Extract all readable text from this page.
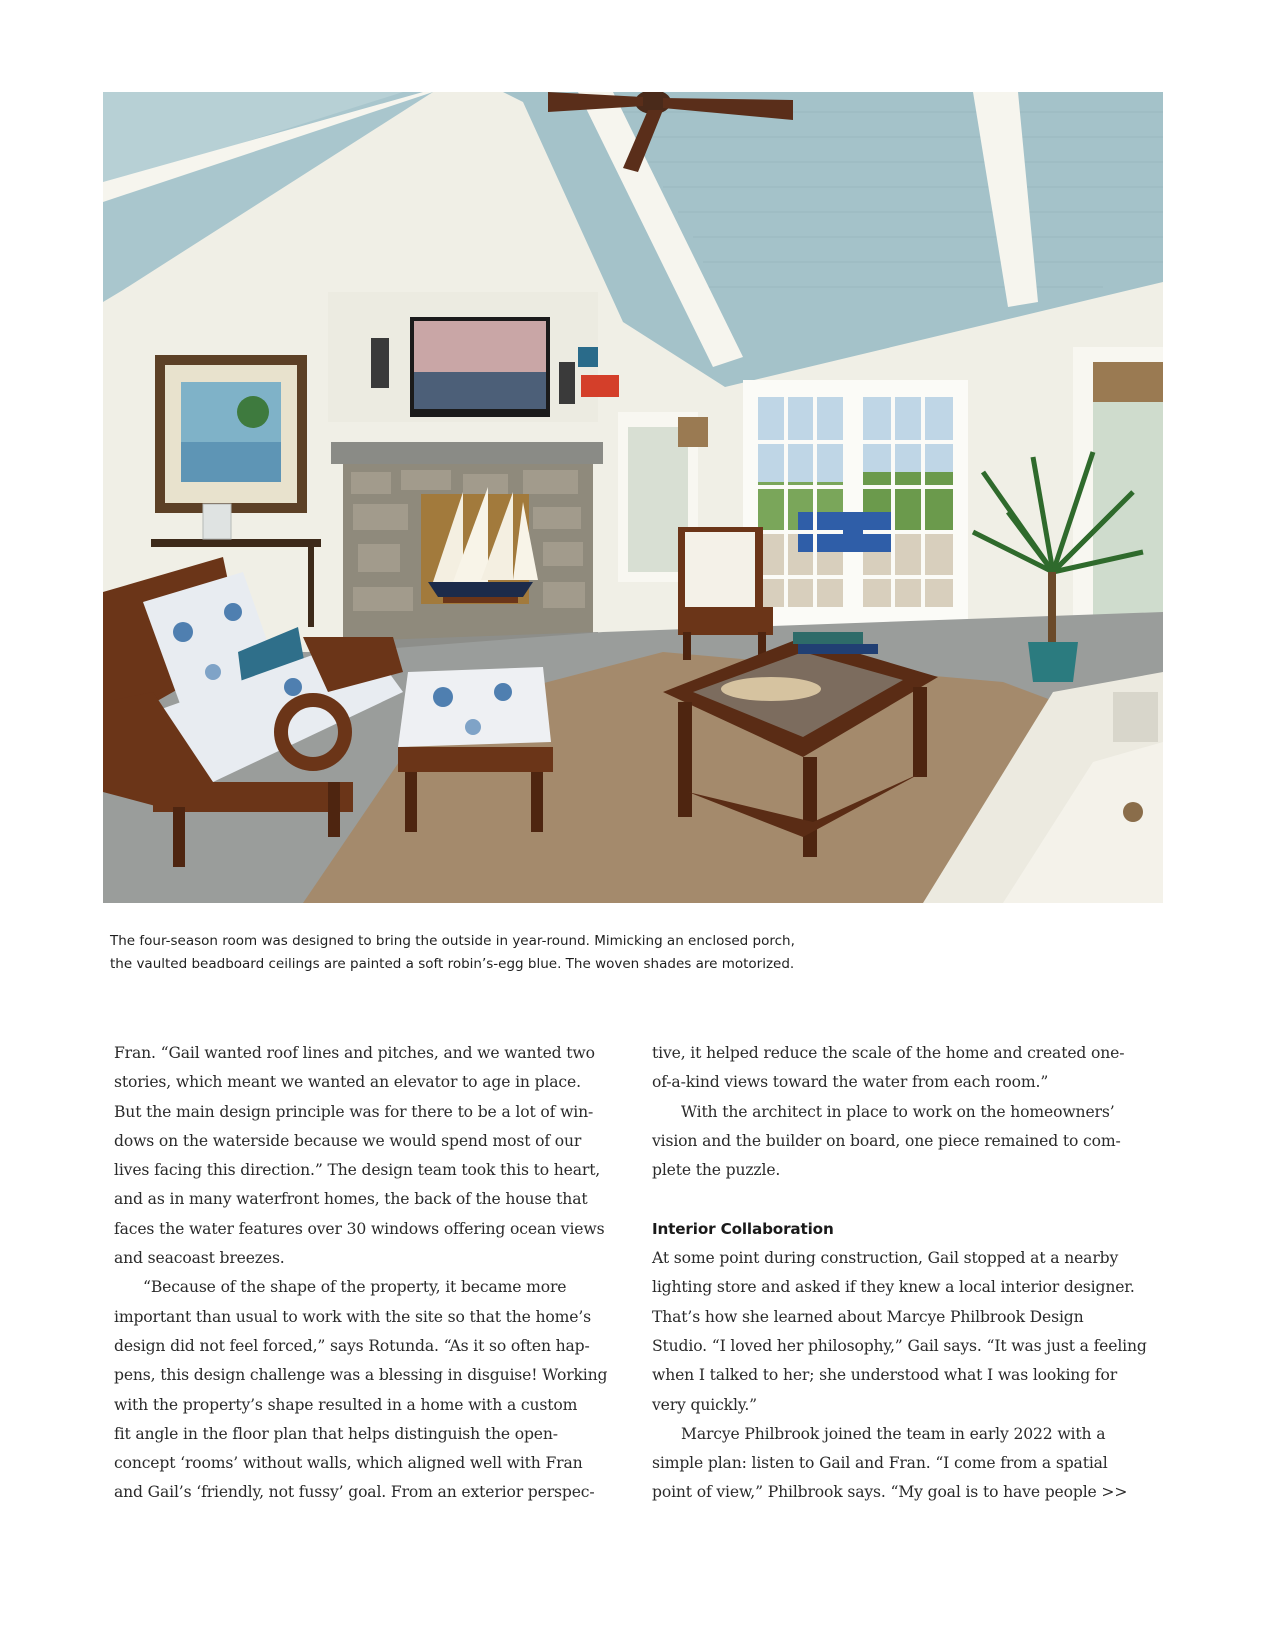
The four-season room was designed to bring the outside in year-round. Mimicking an enclosed porch,

the vaulted beadboard ceilings are painted a soft robin’s-egg blue. The woven shades are motorized.

Fran. “Gail wanted roof lines and pitches, and we wanted two

stories, which meant we wanted an elevator to age in place.

But the main design principle was for there to be a lot of win-

dows on the waterside because we would spend most of our

lives facing this direction.” The design team took this to heart,

and as in many waterfront homes, the back of the house that

faces the water features over 30 windows offering ocean views

and seacoast breezes.

“Because of the shape of the property, it became more

important than usual to work with the site so that the home’s

design did not feel forced,” says Rotunda. “As it so often hap-

pens, this design challenge was a blessing in disguise! Working

with the property’s shape resulted in a home with a custom

fit angle in the floor plan that helps distinguish the open-

concept ‘rooms’ without walls, which aligned well with Fran

and Gail’s ‘friendly, not fussy’ goal. From an exterior perspec-

tive, it helped reduce the scale of the home and created one-

of-a-kind views toward the water from each room.”

With the architect in place to work on the homeowners’

vision and the builder on board, one piece remained to com-

plete the puzzle.

Interior Collaboration

At some point during construction, Gail stopped at a nearby

lighting store and asked if they knew a local interior designer.

That’s how she learned about Marcye Philbrook Design

Studio. “I loved her philosophy,” Gail says. “It was just a feeling

when I talked to her; she understood what I was looking for

very quickly.”

Marcye Philbrook joined the team in early 2022 with a

simple plan: listen to Gail and Fran. “I come from a spatial

point of view,” Philbrook says. “My goal is to have people >>
